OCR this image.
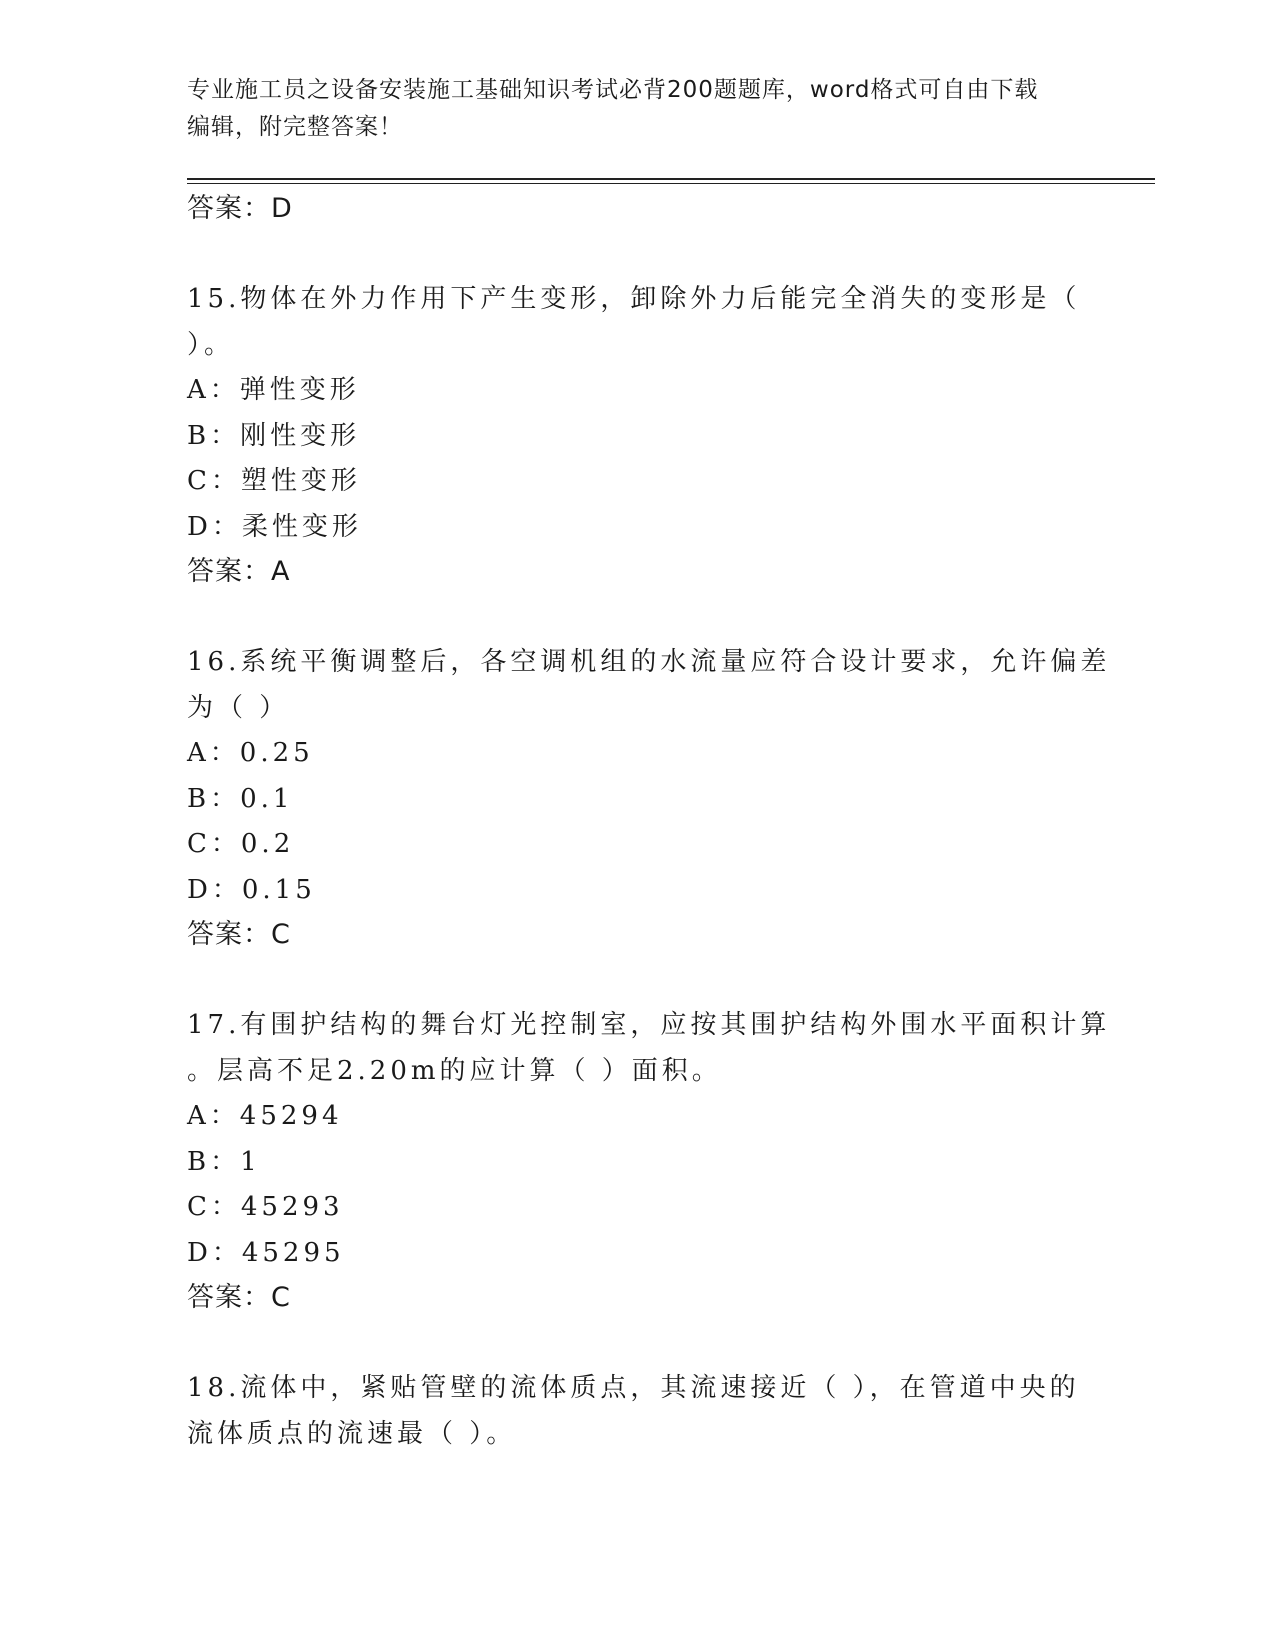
专业施工员之设备安装施工基础知识考试必背200题题库，word格式可自由下载
编辑，附完整答案！
答案：D
15.物体在外力作用下产生变形，卸除外力后能完全消失的变形是（
）。
A：弹性变形
B：刚性变形
C：塑性变形
D：柔性变形
答案：A
16.系统平衡调整后，各空调机组的水流量应符合设计要求，允许偏差
为（ ）
A：0.25
B：0.1
C：0.2
D：0.15
答案：C
17.有围护结构的舞台灯光控制室，应按其围护结构外围水平面积计算
。层高不足2.20m的应计算（ ）面积。
A：45294
B：1
C：45293
D：45295
答案：C
18.流体中，紧贴管壁的流体质点，其流速接近（ ），在管道中央的
流体质点的流速最（ ）。
